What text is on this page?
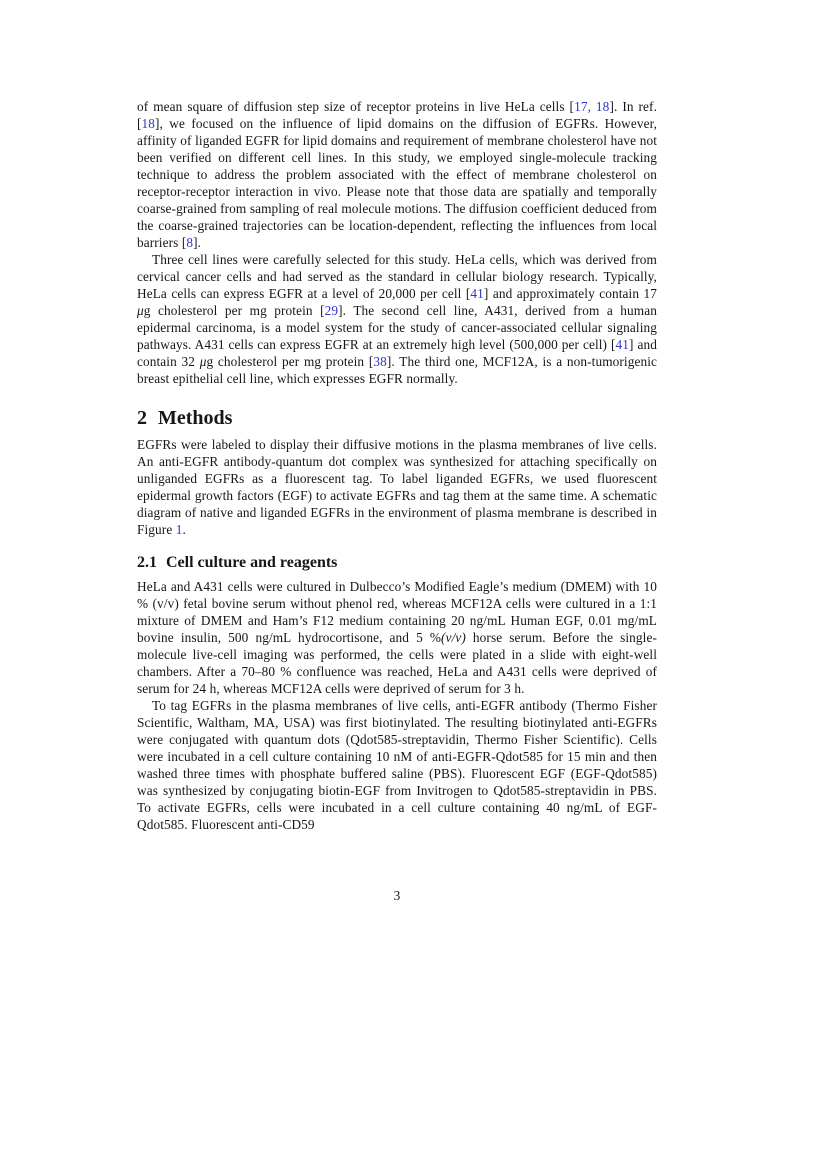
of mean square of diffusion step size of receptor proteins in live HeLa cells [17, 18]. In ref. [18], we focused on the influence of lipid domains on the diffusion of EGFRs. However, affinity of liganded EGFR for lipid domains and requirement of membrane cholesterol have not been verified on different cell lines. In this study, we employed single-molecule tracking technique to address the problem associated with the effect of membrane cholesterol on receptor-receptor interaction in vivo. Please note that those data are spatially and temporally coarse-grained from sampling of real molecule motions. The diffusion coefficient deduced from the coarse-grained trajectories can be location-dependent, reflecting the influences from local barriers [8].

Three cell lines were carefully selected for this study. HeLa cells, which was derived from cervical cancer cells and had served as the standard in cellular biology research. Typically, HeLa cells can express EGFR at a level of 20,000 per cell [41] and approximately contain 17 μg cholesterol per mg protein [29]. The second cell line, A431, derived from a human epidermal carcinoma, is a model system for the study of cancer-associated cellular signaling pathways. A431 cells can express EGFR at an extremely high level (500,000 per cell) [41] and contain 32 μg cholesterol per mg protein [38]. The third one, MCF12A, is a non-tumorigenic breast epithelial cell line, which expresses EGFR normally.

2 Methods

EGFRs were labeled to display their diffusive motions in the plasma membranes of live cells. An anti-EGFR antibody-quantum dot complex was synthesized for attaching specifically on unliganded EGFRs as a fluorescent tag. To label liganded EGFRs, we used fluorescent epidermal growth factors (EGF) to activate EGFRs and tag them at the same time. A schematic diagram of native and liganded EGFRs in the environment of plasma membrane is described in Figure 1.

2.1 Cell culture and reagents

HeLa and A431 cells were cultured in Dulbecco’s Modified Eagle’s medium (DMEM) with 10 % (v/v) fetal bovine serum without phenol red, whereas MCF12A cells were cultured in a 1:1 mixture of DMEM and Ham’s F12 medium containing 20 ng/mL Human EGF, 0.01 mg/mL bovine insulin, 500 ng/mL hydrocortisone, and 5 %(v/v) horse serum. Before the single-molecule live-cell imaging was performed, the cells were plated in a slide with eight-well chambers. After a 70–80 % confluence was reached, HeLa and A431 cells were deprived of serum for 24 h, whereas MCF12A cells were deprived of serum for 3 h.

To tag EGFRs in the plasma membranes of live cells, anti-EGFR antibody (Thermo Fisher Scientific, Waltham, MA, USA) was first biotinylated. The resulting biotinylated anti-EGFRs were conjugated with quantum dots (Qdot585-streptavidin, Thermo Fisher Scientific). Cells were incubated in a cell culture containing 10 nM of anti-EGFR-Qdot585 for 15 min and then washed three times with phosphate buffered saline (PBS). Fluorescent EGF (EGF-Qdot585) was synthesized by conjugating biotin-EGF from Invitrogen to Qdot585-streptavidin in PBS. To activate EGFRs, cells were incubated in a cell culture containing 40 ng/mL of EGF-Qdot585. Fluorescent anti-CD59

3
